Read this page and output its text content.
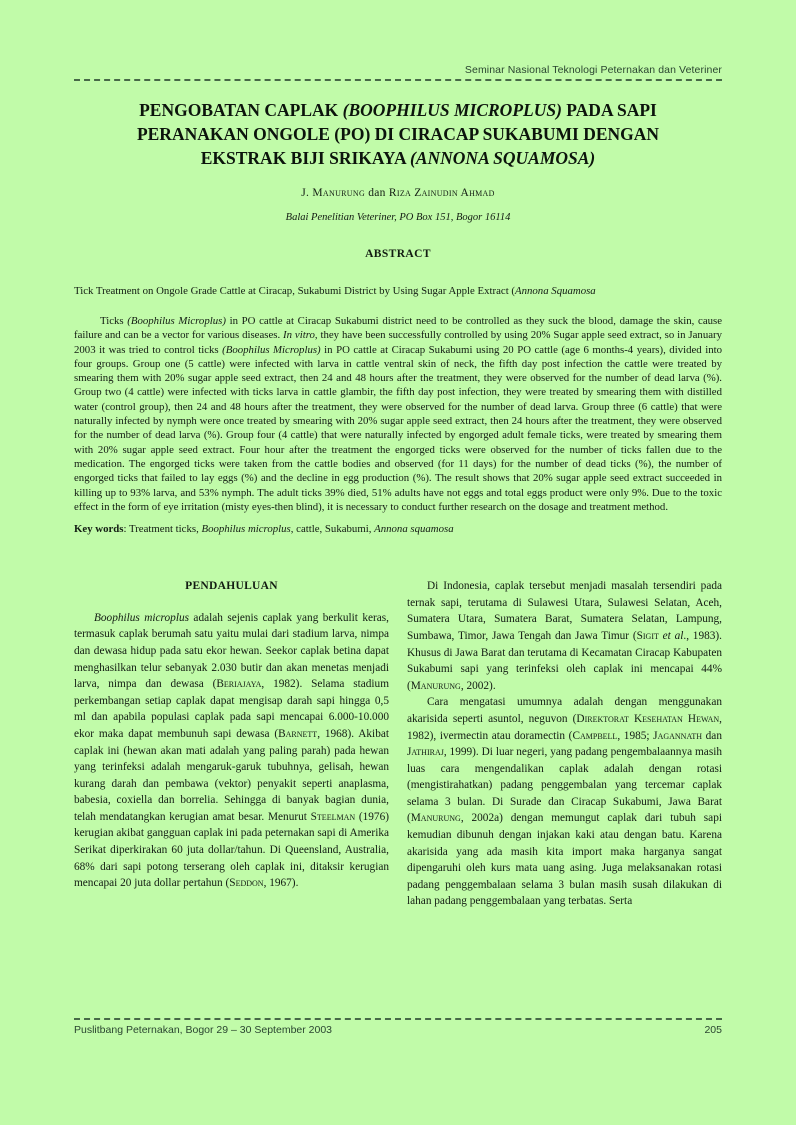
Seminar Nasional Teknologi Peternakan dan Veteriner
PENGOBATAN CAPLAK (BOOPHILUS MICROPLUS) PADA SAPI
PERANAKAN ONGOLE (PO) DI CIRACAP SUKABUMI DENGAN
EKSTRAK BIJI SRIKAYA (ANNONA SQUAMOSA)
J. Manurung dan Riza Zainudin Ahmad
Balai Penelitian Veteriner, PO Box 151, Bogor 16114
ABSTRACT
Tick Treatment on Ongole Grade Cattle at Ciracap, Sukabumi District by Using Sugar Apple Extract (Annona Squamosa
Ticks (Boophilus Microplus) in PO cattle at Ciracap Sukabumi district need to be controlled as they suck the blood, damage the skin, cause failure and can be a vector for various diseases. In vitro, they have been successfully controlled by using 20% Sugar apple seed extract, so in January 2003 it was tried to control ticks (Boophilus Microplus) in PO cattle at Ciracap Sukabumi using 20 PO cattle (age 6 months-4 years), divided into four groups. Group one (5 cattle) were infected with larva in cattle ventral skin of neck, the fifth day post infection the cattle were treated by smearing them with 20% sugar apple seed extract, then 24 and 48 hours after the treatment, they were observed for the number of dead larva (%). Group two (4 cattle) were infected with ticks larva in cattle glambir, the fifth day post infection, they were treated by smearing them with distilled water (control group), then 24 and 48 hours after the treatment, they were observed for the number of dead larva. Group three (6 cattle) that were naturally infected by nymph were once treated by smearing with 20% sugar apple seed extract, then 24 hours after the treatment, they were observed for the number of dead larva (%). Group four (4 cattle) that were naturally infected by engorged adult female ticks, were treated by smearing them with 20% sugar apple seed extract. Four hour after the treatment the engorged ticks were observed for the number of ticks fallen due to the medication. The engorged ticks were taken from the cattle bodies and observed (for 11 days) for the number of dead ticks (%), the number of engorged ticks that failed to lay eggs (%) and the decline in egg production (%). The result shows that 20% sugar apple seed extract succeeded in killing up to 93% larva, and 53% nymph. The adult ticks 39% died, 51% adults have not eggs and total eggs product were only 9%. Due to the toxic effect in the form of eye irritation (misty eyes-then blind), it is necessary to conduct further research on the dosage and treatment method.
Key words: Treatment ticks, Boophilus microplus, cattle, Sukabumi, Annona squamosa
PENDAHULUAN

Boophilus microplus adalah sejenis caplak yang berkulit keras, termasuk caplak berumah satu yaitu mulai dari stadium larva, nimpa dan dewasa hidup pada satu ekor hewan. Seekor caplak betina dapat menghasilkan telur sebanyak 2.030 butir dan akan menetas menjadi larva, nimpa dan dewasa (Beriajaya, 1982). Selama stadium perkembangan setiap caplak dapat mengisap darah sapi hingga 0,5 ml dan apabila populasi caplak pada sapi mencapai 6.000-10.000 ekor maka dapat membunuh sapi dewasa (Barnett, 1968). Akibat caplak ini (hewan akan mati adalah yang paling parah) pada hewan yang terinfeksi adalah mengaruk-garuk tubuhnya, gelisah, hewan kurang darah dan pembawa (vektor) penyakit seperti anaplasma, babesia, coxiella dan borrelia. Sehingga di banyak bagian dunia, telah mendatangkan kerugian amat besar. Menurut Steelman (1976) kerugian akibat gangguan caplak ini pada peternakan sapi di Amerika Serikat diperkirakan 60 juta dollar/tahun. Di Queensland, Australia, 68% dari sapi potong terserang oleh caplak ini, ditaksir kerugian mencapai 20 juta dollar pertahun (Seddon, 1967).

Di Indonesia, caplak tersebut menjadi masalah tersendiri pada ternak sapi, terutama di Sulawesi Utara, Sulawesi Selatan, Aceh, Sumatera Utara, Sumatera Barat, Sumatera Selatan, Lampung, Sumbawa, Timor, Jawa Tengah dan Jawa Timur (Sigit et al., 1983). Khusus di Jawa Barat dan terutama di Kecamatan Ciracap Kabupaten Sukabumi sapi yang terinfeksi oleh caplak ini mencapai 44% (Manurung, 2002).

Cara mengatasi umumnya adalah dengan menggunakan akarisida seperti asuntol, neguvon (Direktorat Kesehatan Hewan, 1982), ivermectin atau doramectin (Campbell, 1985; Jagannath dan Jathiraj, 1999). Di luar negeri, yang padang pengembalaannya masih luas cara mengendalikan caplak adalah dengan rotasi (mengistirahatkan) padang penggembalan yang tercemar caplak selama 3 bulan. Di Surade dan Ciracap Sukabumi, Jawa Barat (Manurung, 2002a) dengan memungut caplak dari tubuh sapi kemudian dibunuh dengan injakan kaki atau dengan batu. Karena akarisida yang ada masih kita import maka harganya sangat dipengaruhi oleh kurs mata uang asing. Juga melaksanakan rotasi padang penggembalaan selama 3 bulan masih susah dilakukan di lahan padang penggembalaan yang terbatas. Serta

Puslitbang Peternakan, Bogor 29 – 30 September 2003	205
